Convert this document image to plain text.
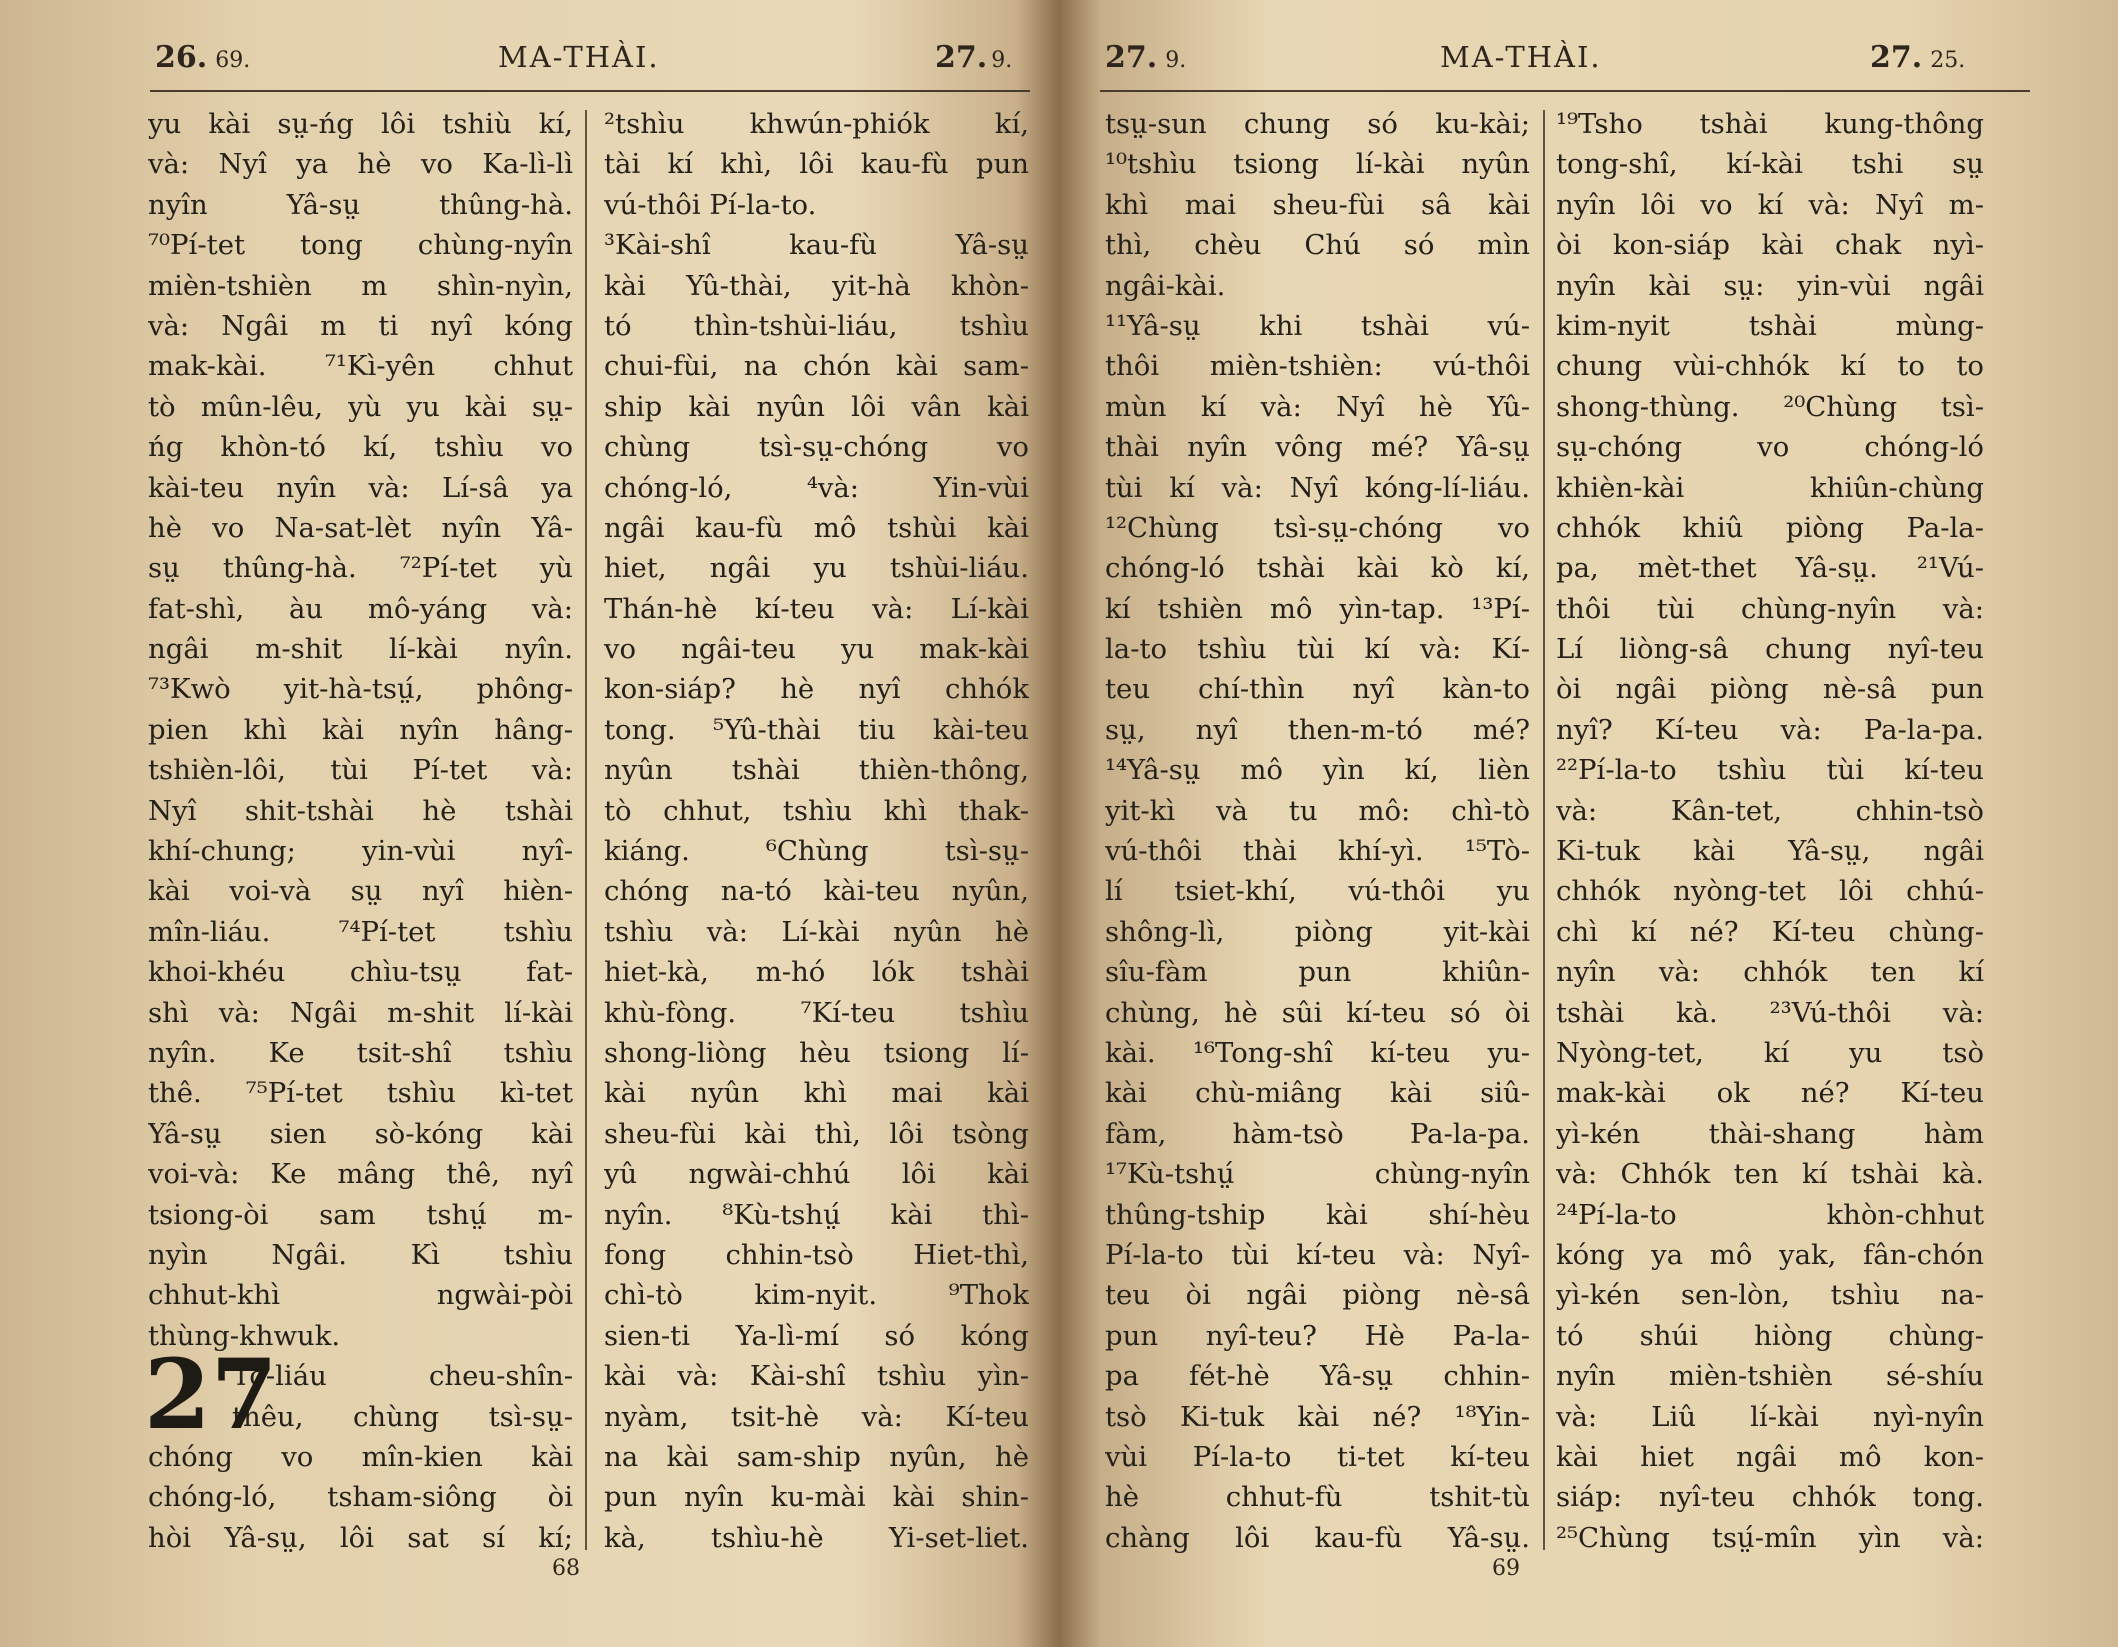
26. 69.	MA-THÀI.	27. 9.
yu kài sṳ-ńg lôi tshiù kí,
và: Nyî ya hè vo Ka-lì-lì
nyîn Yâ-sṳ thûng-hà.
⁷⁰Pí-tet tong chùng-nyîn
mièn-tshièn m shìn-nyìn,
và: Ngâi m ti nyî kóng
mak-kài. ⁷¹Kì-yên chhut
tò mûn-lêu, yù yu kài sṳ-
ńg khòn-tó kí, tshìu vo
kài-teu nyîn và: Lí-sâ ya
hè vo Na-sat-lèt nyîn Yâ-
sṳ thûng-hà. ⁷²Pí-tet yù
fat-shì, àu mô-yáng và:
ngâi m-shit lí-kài nyîn.
⁷³Kwò yit-hà-tsṳ́, phông-
pien khì kài nyîn hâng-
tshièn-lôi, tùi Pí-tet và:
Nyî shit-tshài hè tshài
khí-chung; yin-vùi nyî-
kài voi-và sṳ nyî hièn-
mîn-liáu. ⁷⁴Pí-tet tshìu
khoi-khéu chìu-tsṳ fat-
shì và: Ngâi m-shit lí-kài
nyîn. Ke tsit-shî tshìu
thê. ⁷⁵Pí-tet tshìu kì-tet
Yâ-sṳ sien sò-kóng kài
voi-và: Ke mâng thê, nyî
tsiong-òi sam tshṳ́ m-
nyìn Ngâi. Kì tshìu
chhut-khì ngwài-pòi
thùng-khwuk.
27
Tò-liáu cheu-shîn-
thêu, chùng tsì-sṳ-
chóng vo mîn-kien kài
chóng-ló, tsham-siông òi
hòi Yâ-sṳ, lôi sat sí kí;
²tshìu khwún-phiók kí,
tài kí khì, lôi kau-fù pun
vú-thôi Pí-la-to.
³Kài-shî kau-fù Yâ-sṳ
kài Yû-thài, yit-hà khòn-
tó thìn-tshùi-liáu, tshìu
chui-fùi, na chón kài sam-
ship kài nyûn lôi vân kài
chùng tsì-sṳ-chóng vo
chóng-ló, ⁴và: Yin-vùi
ngâi kau-fù mô tshùi kài
hiet, ngâi yu tshùi-liáu.
Thán-hè kí-teu và: Lí-kài
vo ngâi-teu yu mak-kài
kon-siáp? hè nyî chhók
tong. ⁵Yû-thài tiu kài-teu
nyûn tshài thièn-thông,
tò chhut, tshìu khì thak-
kiáng. ⁶Chùng tsì-sṳ-
chóng na-tó kài-teu nyûn,
tshìu và: Lí-kài nyûn hè
hiet-kà, m-hó lók tshài
khù-fòng. ⁷Kí-teu tshìu
shong-liòng hèu tsiong lí-
kài nyûn khì mai kài
sheu-fùi kài thì, lôi tsòng
yû ngwài-chhú lôi kài
nyîn. ⁸Kù-tshṳ́ kài thì-
fong chhin-tsò Hiet-thì,
chì-tò kim-nyit. ⁹Thok
sien-ti Ya-lì-mí só kóng
kài và: Kài-shî tshìu yìn-
nyàm, tsit-hè và: Kí-teu
na kài sam-ship nyûn, hè
pun nyîn ku-mài kài shin-
kà, tshìu-hè Yi-set-liet.
68
27. 9.	MA-THÀI.	27. 25.
tsṳ-sun chung só ku-kài;
¹⁰tshìu tsiong lí-kài nyûn
khì mai sheu-fùi sâ kài
thì, chèu Chú só mìn
ngâi-kài.
¹¹Yâ-sṳ khi tshài vú-
thôi mièn-tshièn: vú-thôi
mùn kí và: Nyî hè Yû-
thài nyîn vông mé? Yâ-sṳ
tùi kí và: Nyî kóng-lí-liáu.
¹²Chùng tsì-sṳ-chóng vo
chóng-ló tshài kài kò kí,
kí tshièn mô yìn-tap. ¹³Pí-
la-to tshìu tùi kí và: Kí-
teu chí-thìn nyî kàn-to
sṳ, nyî then-m-tó mé?
¹⁴Yâ-sṳ mô yìn kí, lièn
yit-kì và tu mô: chì-tò
vú-thôi thài khí-yì. ¹⁵Tò-
lí tsiet-khí, vú-thôi yu
shông-lì, piòng yit-kài
sîu-fàm pun khiûn-
chùng, hè sûi kí-teu só òi
kài. ¹⁶Tong-shî kí-teu yu-
kài chù-miâng kài siû-
fàm, hàm-tsò Pa-la-pa.
¹⁷Kù-tshṳ́ chùng-nyîn
thûng-tship kài shí-hèu
Pí-la-to tùi kí-teu và: Nyî-
teu òi ngâi piòng nè-sâ
pun nyî-teu? Hè Pa-la-
pa fét-hè Yâ-sṳ chhin-
tsò Ki-tuk kài né? ¹⁸Yin-
vùi Pí-la-to ti-tet kí-teu
hè chhut-fù tshit-tù
chàng lôi kau-fù Yâ-sṳ.
¹⁹Tsho tshài kung-thông
tong-shî, kí-kài tshi sṳ
nyîn lôi vo kí và: Nyî m-
òi kon-siáp kài chak nyì-
nyîn kài sṳ: yin-vùi ngâi
kim-nyit tshài mùng-
chung vùi-chhók kí to to
shong-thùng. ²⁰Chùng tsì-
sṳ-chóng vo chóng-ló
khièn-kài khiûn-chùng
chhók khiû piòng Pa-la-
pa, mèt-thet Yâ-sṳ. ²¹Vú-
thôi tùi chùng-nyîn và:
Lí liòng-sâ chung nyî-teu
òi ngâi piòng nè-sâ pun
nyî? Kí-teu và: Pa-la-pa.
²²Pí-la-to tshìu tùi kí-teu
và: Kân-tet, chhin-tsò
Ki-tuk kài Yâ-sṳ, ngâi
chhók nyòng-tet lôi chhú-
chì kí né? Kí-teu chùng-
nyîn và: chhók ten kí
tshài kà. ²³Vú-thôi và:
Nyòng-tet, kí yu tsò
mak-kài ok né? Kí-teu
yì-kén thài-shang hàm
và: Chhók ten kí tshài kà.
²⁴Pí-la-to khòn-chhut
kóng ya mô yak, fân-chón
yì-kén sen-lòn, tshìu na-
tó shúi hiòng chùng-
nyîn mièn-tshièn sé-shíu
và: Liû lí-kài nyì-nyîn
kài hiet ngâi mô kon-
siáp: nyî-teu chhók tong.
²⁵Chùng tsṳ́-mîn yìn và:
69
